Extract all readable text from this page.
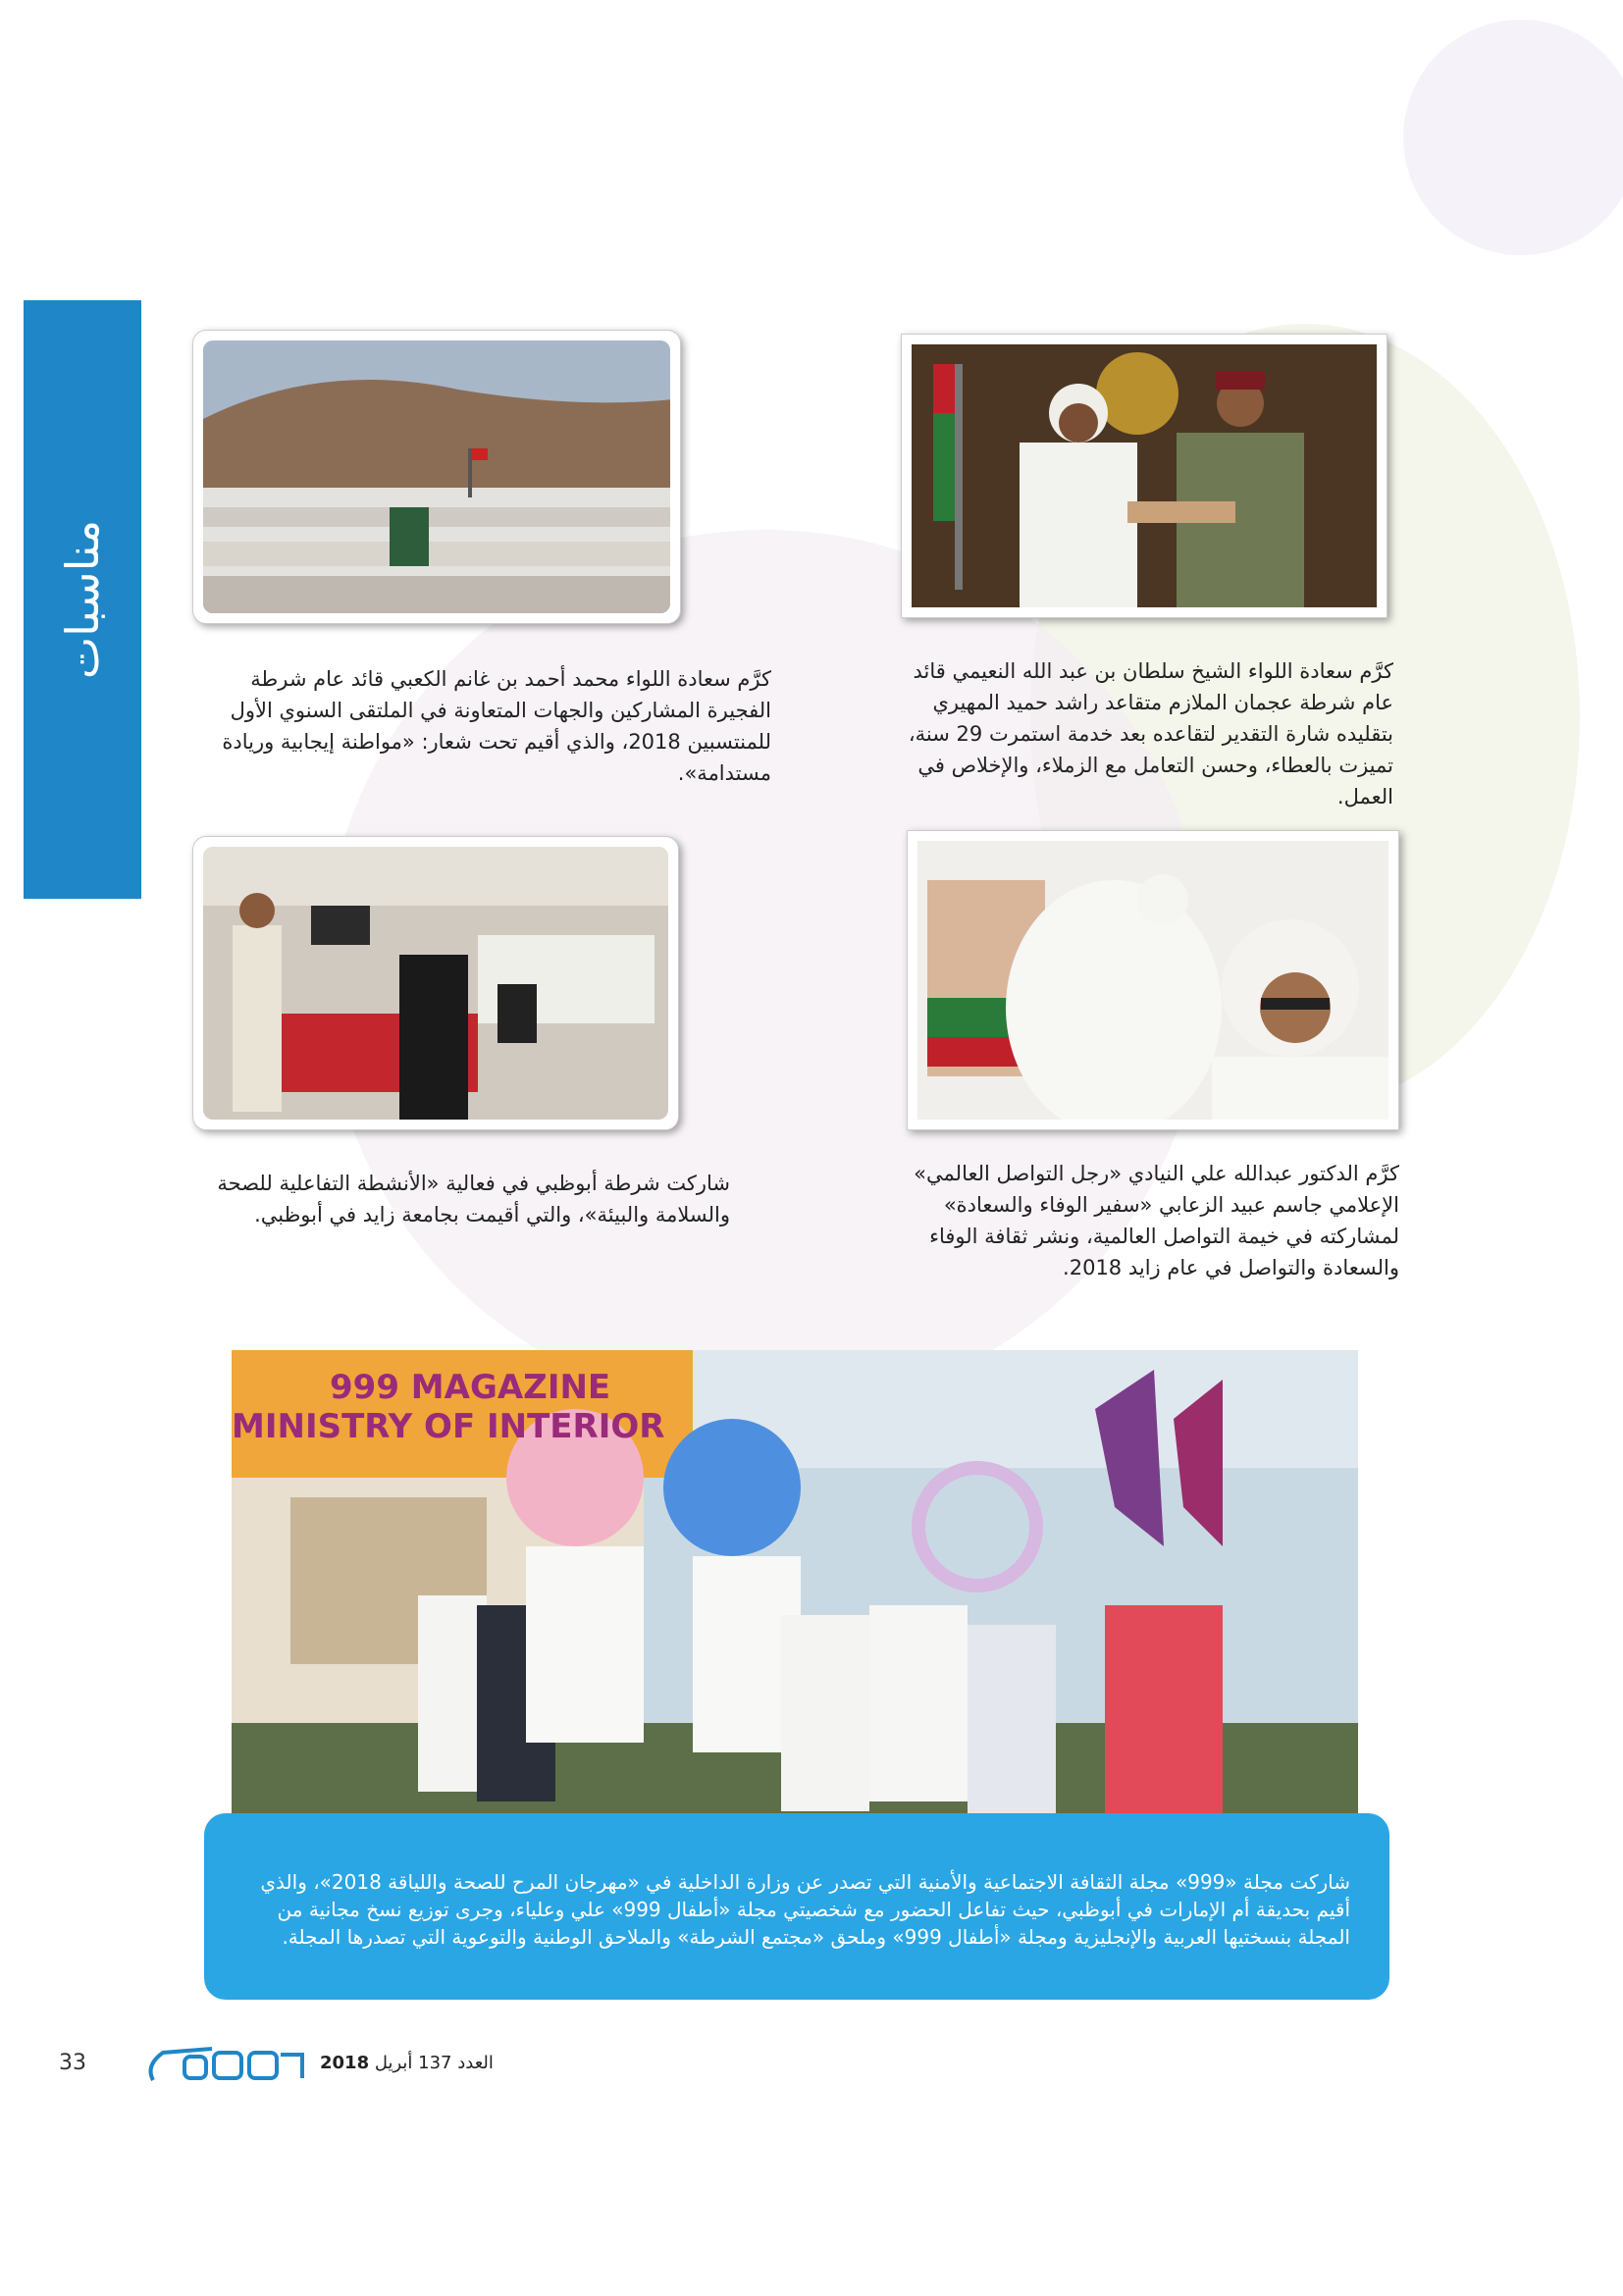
مناسبات	كرَّم سعادة اللواء الشيخ سلطان بن عبد الله النعيمي قائد عام شرطة عجمان الملازم متقاعد راشد حميد المهيري بتقليده شارة التقدير لتقاعده بعد خدمة استمرت 29 سنة، تميزت بالعطاء، وحسن التعامل مع الزملاء، والإخلاص في العمل.
كرَّم سعادة اللواء محمد أحمد بن غانم الكعبي قائد عام شرطة الفجيرة المشاركين والجهات المتعاونة في الملتقى السنوي الأول للمنتسبين 2018، والذي أقيم تحت شعار: «مواطنة إيجابية وريادة مستدامة».
كرَّم الدكتور عبدالله علي النيادي «رجل التواصل العالمي» الإعلامي جاسم عبيد الزعابي «سفير الوفاء والسعادة» لمشاركته في خيمة التواصل العالمية، ونشر ثقافة الوفاء والسعادة والتواصل في عام زايد 2018.
شاركت شرطة أبوظبي في فعالية «الأنشطة التفاعلية للصحة والسلامة والبيئة»، والتي أقيمت بجامعة زايد في أبوظبي.
999 MAGAZINE
MINISTRY OF INTERIOR

شاركت مجلة «999» مجلة الثقافة الاجتماعية والأمنية التي تصدر عن وزارة الداخلية في «مهرجان المرح للصحة واللياقة 2018»، والذي أقيم بحديقة أم الإمارات في أبوظبي، حيث تفاعل الحضور مع شخصيتي مجلة «أطفال 999» علي وعلياء، وجرى توزيع نسخ مجانية من المجلة بنسختيها العربية والإنجليزية ومجلة «أطفال 999» وملحق «مجتمع الشرطة» والملاحق الوطنية والتوعوية التي تصدرها المجلة.

33	العدد 137 أبريل 2018
